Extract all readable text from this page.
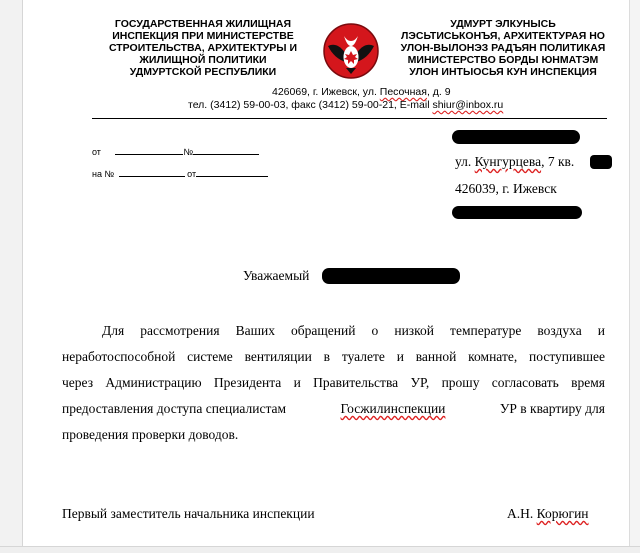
ГОСУДАРСТВЕННАЯ ЖИЛИЩНАЯ
ИНСПЕКЦИЯ ПРИ МИНИСТЕРСТВЕ
СТРОИТЕЛЬСТВА, АРХИТЕКТУРЫ И
ЖИЛИЩНОЙ ПОЛИТИКИ
УДМУРТСКОЙ РЕСПУБЛИКИ
УДМУРТ ЭЛКУНЫСЬ
ЛЭСЬТИСЬКОНЪЯ, АРХИТЕКТУРАЯ НО
УЛОН-ВЫЛОНЭЗ РАДЪЯН ПОЛИТИКАЯ
МИНИСТЕРСТВО БОРДЫ ЮНМАТЭМ
УЛОН ИНТЫОСЬЯ КУН ИНСПЕКЦИЯ
426069, г. Ижевск, ул. Песочная, д. 9
тел. (3412) 59-00-03, факс (3412) 59-00-21, E-mail shiur@inbox.ru
от	№
на №	от
ул. Кунгурцева, 7 кв.
426039, г. Ижевск
Уважаемый
Для рассмотрения Ваших обращений о низкой температуре воздуха и
неработоспособной системе вентиляции в туалете и ванной комнате, поступившее
через Администрацию Президента и Правительства УР, прошу согласовать время
предоставления доступа специалистам	Госжилинспекции	УР в квартиру для
проведения проверки доводов.
Первый заместитель начальника инспекции	А.Н. Корюгин
